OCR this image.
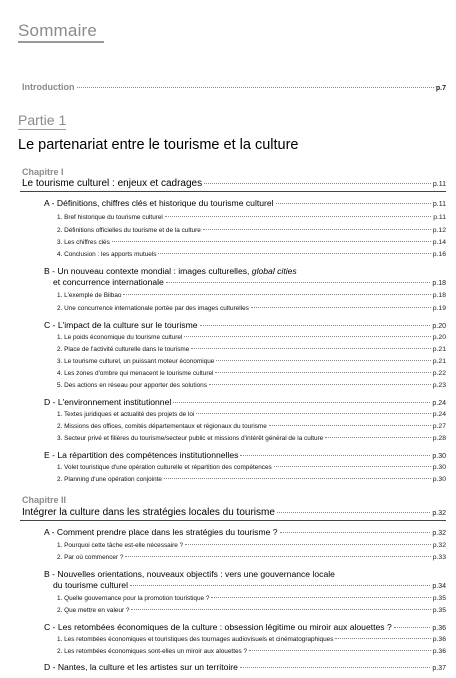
Sommaire
Introduction	p.7
Partie 1
Le partenariat entre le tourisme et la culture
Chapitre I
Le tourisme culturel : enjeux et cadrages	p.11
A - Définitions, chiffres clés et historique du tourisme culturel	p.11
1. Bref historique du tourisme culturel	p.11
2. Définitions officielles du tourisme et de la culture	p.12
3. Les chiffres clés	p.14
4. Conclusion : les apports mutuels	p.16
B - Un nouveau contexte mondial : images culturelles, global cities
et concurrence internationale	p.18
1. L'exemple de Bilbao	p.18
2. Une concurrence internationale portée par des images culturelles	p.19
C - L'impact de la culture sur le tourisme	p.20
1. Le poids économique du tourisme culturel	p.20
2. Place de l'activité culturelle dans le tourisme	p.21
3. Le tourisme culturel, un puissant moteur économique	p.21
4. Les zones d'ombre qui menacent le tourisme culturel	p.22
5. Des actions en réseau pour apporter des solutions	p.23
D - L'environnement institutionnel	p.24
1. Textes juridiques et actualité des projets de loi	p.24
2. Missions des offices, comités départementaux et régionaux du tourisme	p.27
3. Secteur privé et filières du tourisme/secteur public et missions d'intérêt général de la culture	p.28
E - La répartition des compétences institutionnelles	p.30
1. Volet touristique d'une opération culturelle et répartition des compétences	p.30
2. Planning d'une opération conjointe	p.30
Chapitre II
Intégrer la culture dans les stratégies locales du tourisme	p.32
A - Comment prendre place dans les stratégies du tourisme ?	p.32
1. Pourquoi cette tâche est-elle nécessaire ?	p.32
2. Par où commencer ?	p.33
B - Nouvelles orientations, nouveaux objectifs : vers une gouvernance locale
du tourisme culturel	p.34
1. Quelle gouvernance pour la promotion touristique ?	p.35
2. Que mettre en valeur ?	p.35
C - Les retombées économiques de la culture : obsession légitime ou miroir aux alouettes ?	p.36
1. Les retombées économiques et touristiques des tournages audiovisuels et cinématographiques	p.36
2. Les retombées économiques sont-elles un miroir aux alouettes ?	p.36
D - Nantes, la culture et les artistes sur un territoire	p.37
